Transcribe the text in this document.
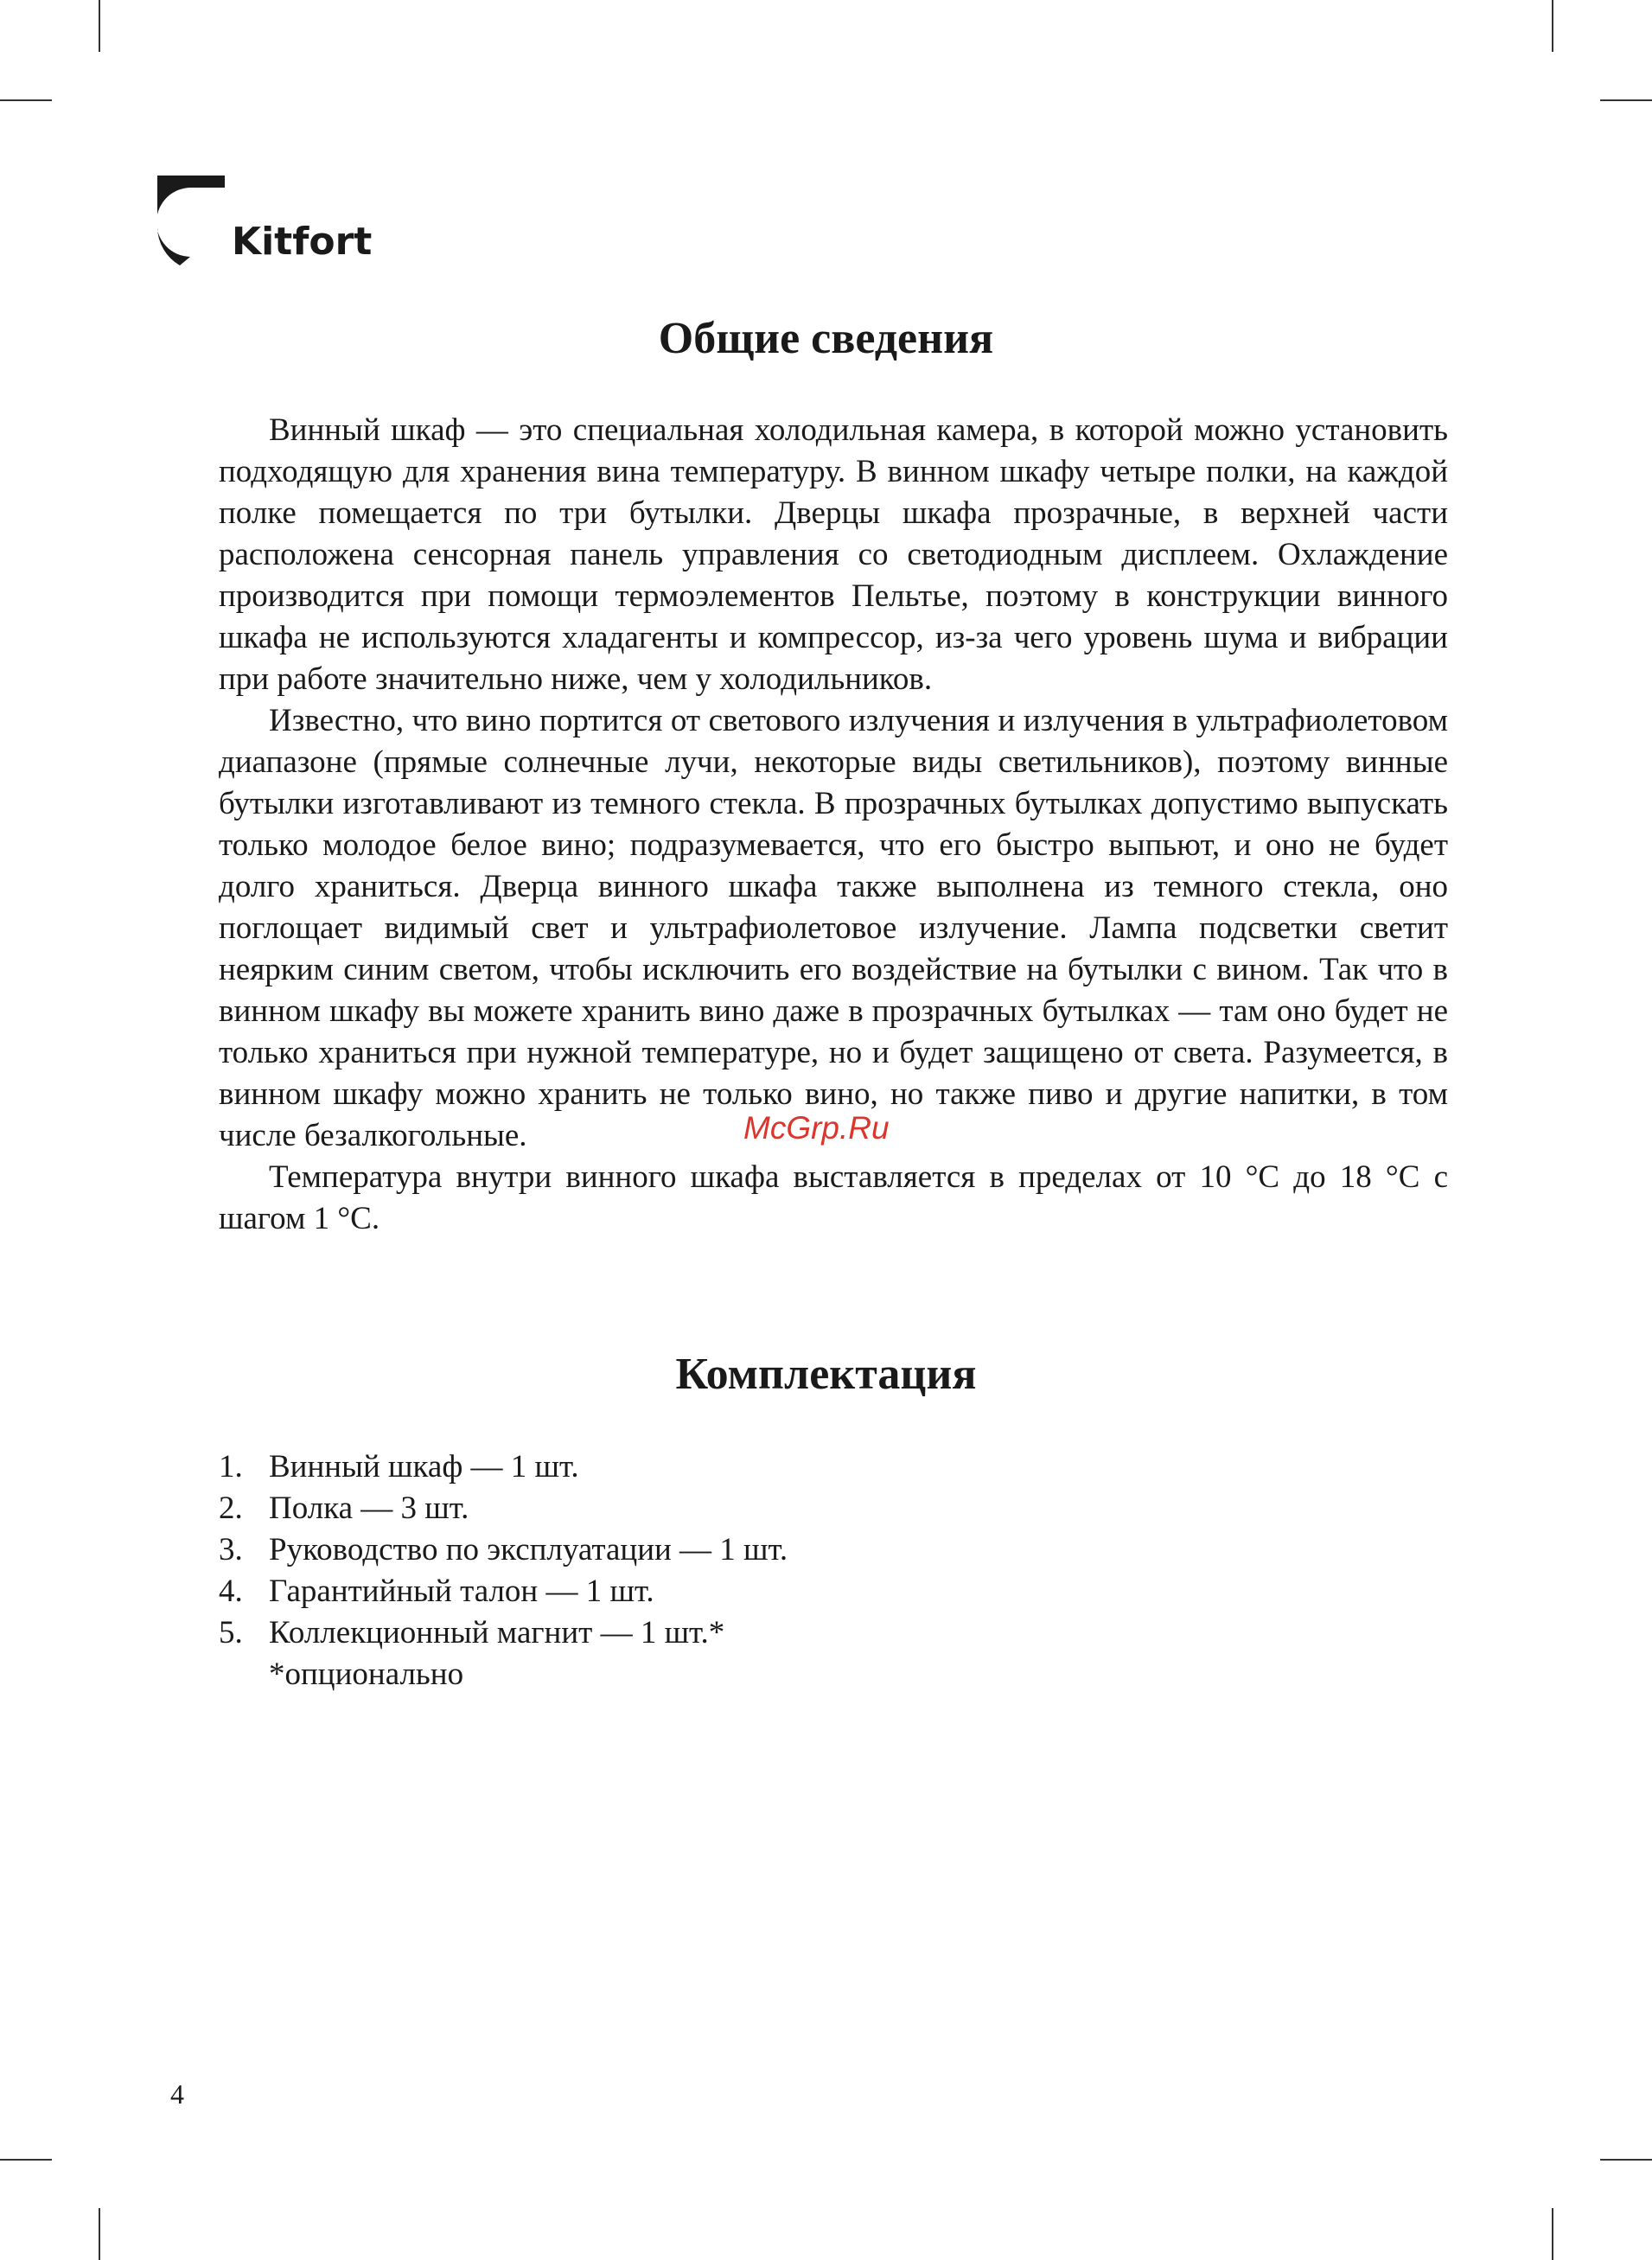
Kitfort
Общие сведения

Винный шкаф — это специальная холодильная камера, в которой можно установить подходящую для хранения вина температуру. В винном шкафу четыре полки, на каждой полке помещается по три бутылки. Дверцы шкафа прозрачные, в верхней части расположена сенсорная панель управления со светодиодным дисплеем. Охлаждение производится при помощи термоэлементов Пельтье, поэтому в конструкции винного шкафа не используются хладагенты и компрессор, из-за чего уровень шума и вибрации при работе значительно ниже, чем у холодильников.

Известно, что вино портится от светового излучения и излучения в ультрафиолетовом диапазоне (прямые солнечные лучи, некоторые виды светильников), поэтому винные бутылки изготавливают из темного стекла. В прозрачных бутылках допустимо выпускать только молодое белое вино; подразумевается, что его быстро выпьют, и оно не будет долго храниться. Дверца винного шкафа также выполнена из темного стекла, оно поглощает видимый свет и ультрафиолетовое излучение. Лампа подсветки светит неярким синим светом, чтобы исключить его воздействие на бутылки с вином. Так что в винном шкафу вы можете хранить вино даже в прозрачных бутылках — там оно будет не только храниться при нужной температуре, но и будет защищено от света. Разумеется, в винном шкафу можно хранить не только вино, но также пиво и другие напитки, в том числе безалкогольные.

Температура внутри винного шкафа выставляется в пределах от 10 °С до 18 °С с шагом 1 °С.

McGrp.Ru
Комплектация
1. Винный шкаф — 1 шт.
2. Полка — 3 шт.
3. Руководство по эксплуатации — 1 шт.
4. Гарантийный талон — 1 шт.
5. Коллекционный магнит — 1 шт.*
*опционально
4
